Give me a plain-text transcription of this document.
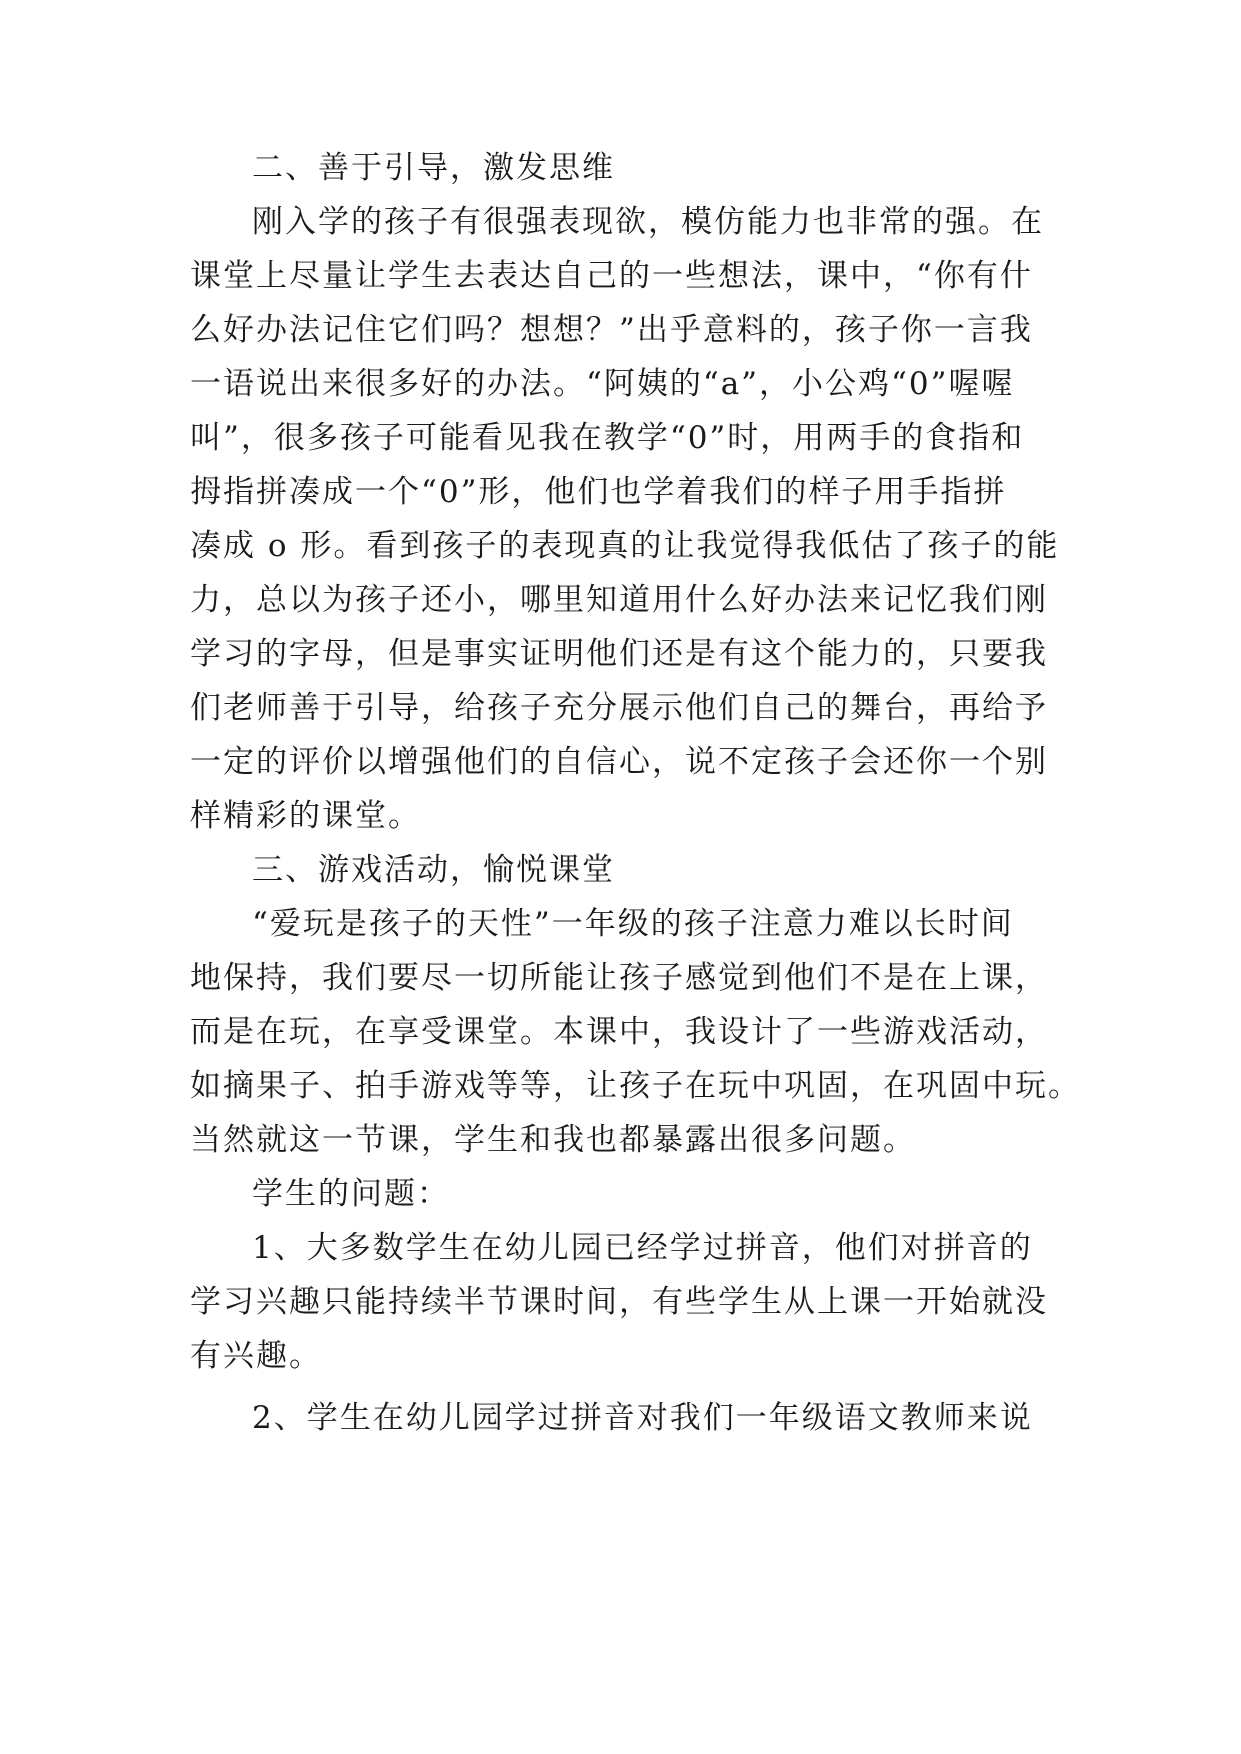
二、善于引导，激发思维

刚入学的孩子有很强表现欲，模仿能力也非常的强。在

课堂上尽量让学生去表达自己的一些想法，课中，“你有什

么好办法记住它们吗？想想？”出乎意料的，孩子你一言我

一语说出来很多好的办法。“阿姨的“a”，小公鸡“0”喔喔

叫”，很多孩子可能看见我在教学“0”时，用两手的食指和

拇指拼凑成一个“0”形，他们也学着我们的样子用手指拼

凑成 o 形。看到孩子的表现真的让我觉得我低估了孩子的能

力，总以为孩子还小，哪里知道用什么好办法来记忆我们刚

学习的字母，但是事实证明他们还是有这个能力的，只要我

们老师善于引导，给孩子充分展示他们自己的舞台，再给予

一定的评价以增强他们的自信心，说不定孩子会还你一个别

样精彩的课堂。

三、游戏活动，愉悦课堂

“爱玩是孩子的天性”一年级的孩子注意力难以长时间

地保持，我们要尽一切所能让孩子感觉到他们不是在上课，

而是在玩，在享受课堂。本课中，我设计了一些游戏活动，

如摘果子、拍手游戏等等，让孩子在玩中巩固，在巩固中玩。

当然就这一节课，学生和我也都暴露出很多问题。

学生的问题：

1、大多数学生在幼儿园已经学过拼音，他们对拼音的

学习兴趣只能持续半节课时间，有些学生从上课一开始就没

有兴趣。

2、学生在幼儿园学过拼音对我们一年级语文教师来说
